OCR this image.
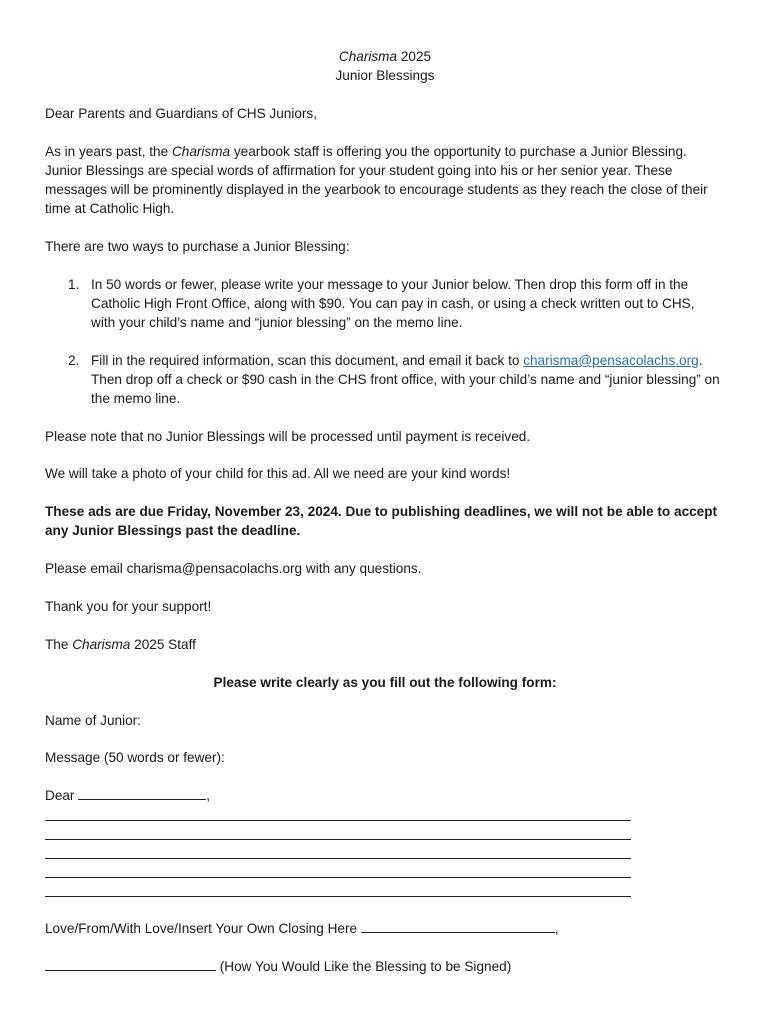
Charisma 2025
Junior Blessings

Dear Parents and Guardians of CHS Juniors,

As in years past, the Charisma yearbook staff is offering you the opportunity to purchase a Junior Blessing. Junior Blessings are special words of affirmation for your student going into his or her senior year. These messages will be prominently displayed in the yearbook to encourage students as they reach the close of their time at Catholic High.

There are two ways to purchase a Junior Blessing:

1. In 50 words or fewer, please write your message to your Junior below. Then drop this form off in the Catholic High Front Office, along with $90. You can pay in cash, or using a check written out to CHS, with your child’s name and “junior blessing” on the memo line.
2. Fill in the required information, scan this document, and email it back to charisma@pensacolachs.org. Then drop off a check or $90 cash in the CHS front office, with your child’s name and “junior blessing” on the memo line.

Please note that no Junior Blessings will be processed until payment is received.

We will take a photo of your child for this ad. All we need are your kind words!

These ads are due Friday, November 23, 2024. Due to publishing deadlines, we will not be able to accept any Junior Blessings past the deadline.

Please email charisma@pensacolachs.org with any questions.

Thank you for your support!

The Charisma 2025 Staff

Please write clearly as you fill out the following form:

Name of Junior:

Message (50 words or fewer):

Dear	,

Love/From/With Love/Insert Your Own Closing Here	,

(How You Would Like the Blessing to be Signed)
